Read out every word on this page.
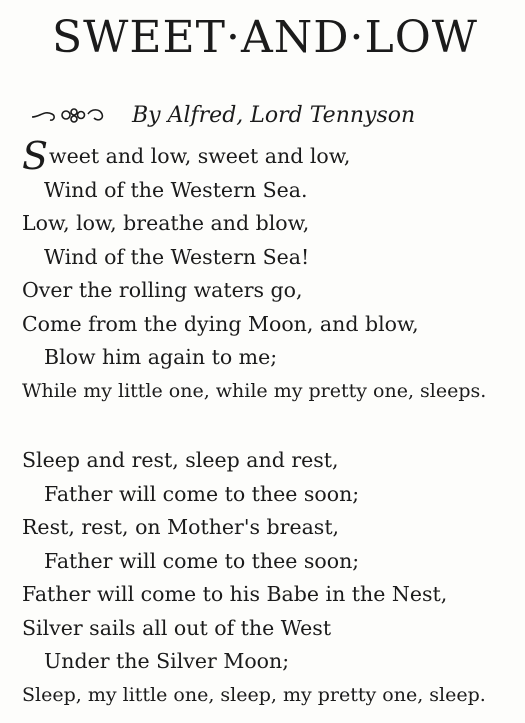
SWEET·AND·LOW
By Alfred, Lord Tennyson
Sweet and low, sweet and low,
Wind of the Western Sea.
Low, low, breathe and blow,
Wind of the Western Sea!
Over the rolling waters go,
Come from the dying Moon, and blow,
Blow him again to me;
While my little one, while my pretty one, sleeps.
Sleep and rest, sleep and rest,
Father will come to thee soon;
Rest, rest, on Mother's breast,
Father will come to thee soon;
Father will come to his Babe in the Nest,
Silver sails all out of the West
Under the Silver Moon;
Sleep, my little one, sleep, my pretty one, sleep.
